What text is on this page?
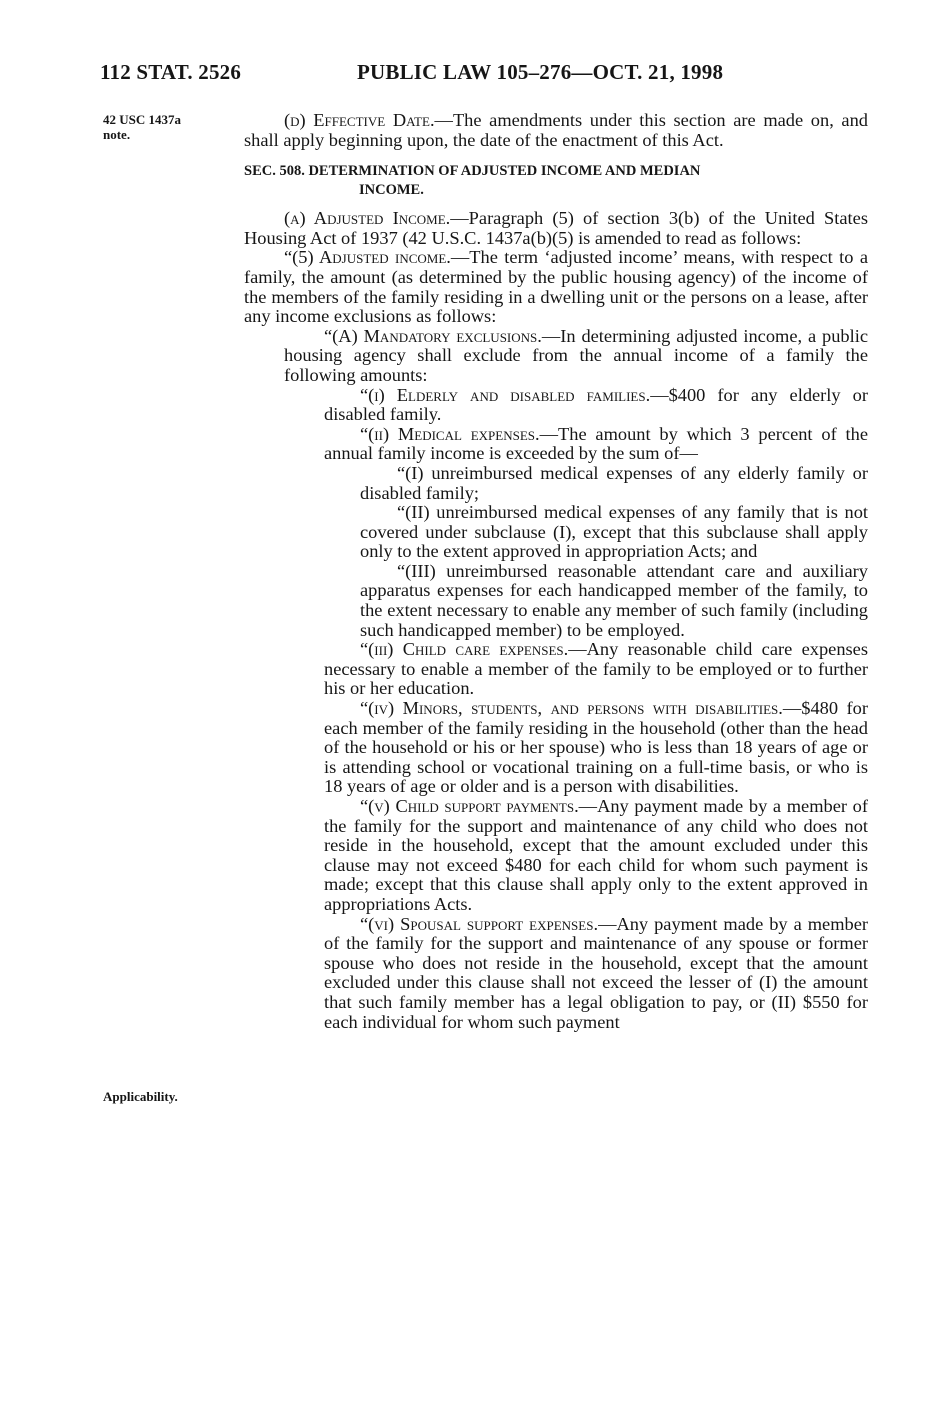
112 STAT. 2526	PUBLIC LAW 105–276—OCT. 21, 1998
42 USC 1437a
note.
Applicability.

(d) Effective Date.—The amendments under this section are made on, and shall apply beginning upon, the date of the enactment of this Act.

SEC. 508. DETERMINATION OF ADJUSTED INCOME AND MEDIAN
INCOME.

(a) Adjusted Income.—Paragraph (5) of section 3(b) of the United States Housing Act of 1937 (42 U.S.C. 1437a(b)(5) is amended to read as follows:

“(5) Adjusted income.—The term ‘adjusted income’ means, with respect to a family, the amount (as determined by the public housing agency) of the income of the members of the family residing in a dwelling unit or the persons on a lease, after any income exclusions as follows:

“(A) Mandatory exclusions.—In determining adjusted income, a public housing agency shall exclude from the annual income of a family the following amounts:

“(i) Elderly and disabled families.—$400 for any elderly or disabled family.

“(ii) Medical expenses.—The amount by which 3 percent of the annual family income is exceeded by the sum of—

“(I) unreimbursed medical expenses of any elderly family or disabled family;

“(II) unreimbursed medical expenses of any family that is not covered under subclause (I), except that this subclause shall apply only to the extent approved in appropriation Acts; and

“(III) unreimbursed reasonable attendant care and auxiliary apparatus expenses for each handicapped member of the family, to the extent necessary to enable any member of such family (including such handicapped member) to be employed.

“(iii) Child care expenses.—Any reasonable child care expenses necessary to enable a member of the family to be employed or to further his or her education.

“(iv) Minors, students, and persons with disabilities.—$480 for each member of the family residing in the household (other than the head of the household or his or her spouse) who is less than 18 years of age or is attending school or vocational training on a full-time basis, or who is 18 years of age or older and is a person with disabilities.

“(v) Child support payments.—Any payment made by a member of the family for the support and maintenance of any child who does not reside in the household, except that the amount excluded under this clause may not exceed $480 for each child for whom such payment is made; except that this clause shall apply only to the extent approved in appropriations Acts.

“(vi) Spousal support expenses.—Any payment made by a member of the family for the support and maintenance of any spouse or former spouse who does not reside in the household, except that the amount excluded under this clause shall not exceed the lesser of (I) the amount that such family member has a legal obligation to pay, or (II) $550 for each individual for whom such payment
